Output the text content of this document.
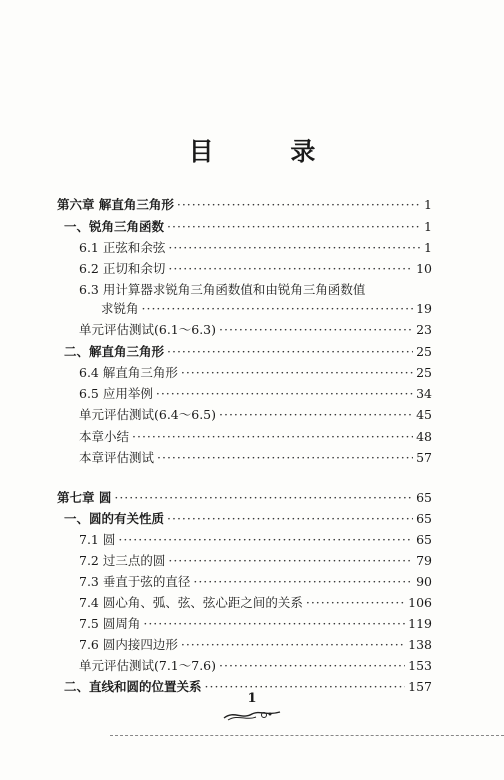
目 录
第六章 解直角三角形 ·····	1
一、锐角三角函数 ·····	1
6.1 正弦和余弦 ·····	1
6.2 正切和余切 ·····	10
6.3 用计算器求锐角三角函数值和由锐角三角函数值
求锐角 ·····	19
单元评估测试(6.1～6.3) ·····	23
二、解直角三角形 ·····	25
6.4 解直角三角形 ·····	25
6.5 应用举例 ·····	34
单元评估测试(6.4～6.5) ·····	45
本章小结 ·····	48
本章评估测试 ·····	57
第七章 圆 ·····	65
一、圆的有关性质 ·····	65
7.1 圆 ·····	65
7.2 过三点的圆 ·····	79
7.3 垂直于弦的直径 ·····	90
7.4 圆心角、弧、弦、弦心距之间的关系 ·····	106
7.5 圆周角 ·····	119
7.6 圆内接四边形 ·····	138
单元评估测试(7.1～7.6) ·····	153
二、直线和圆的位置关系 ·····	157
1
